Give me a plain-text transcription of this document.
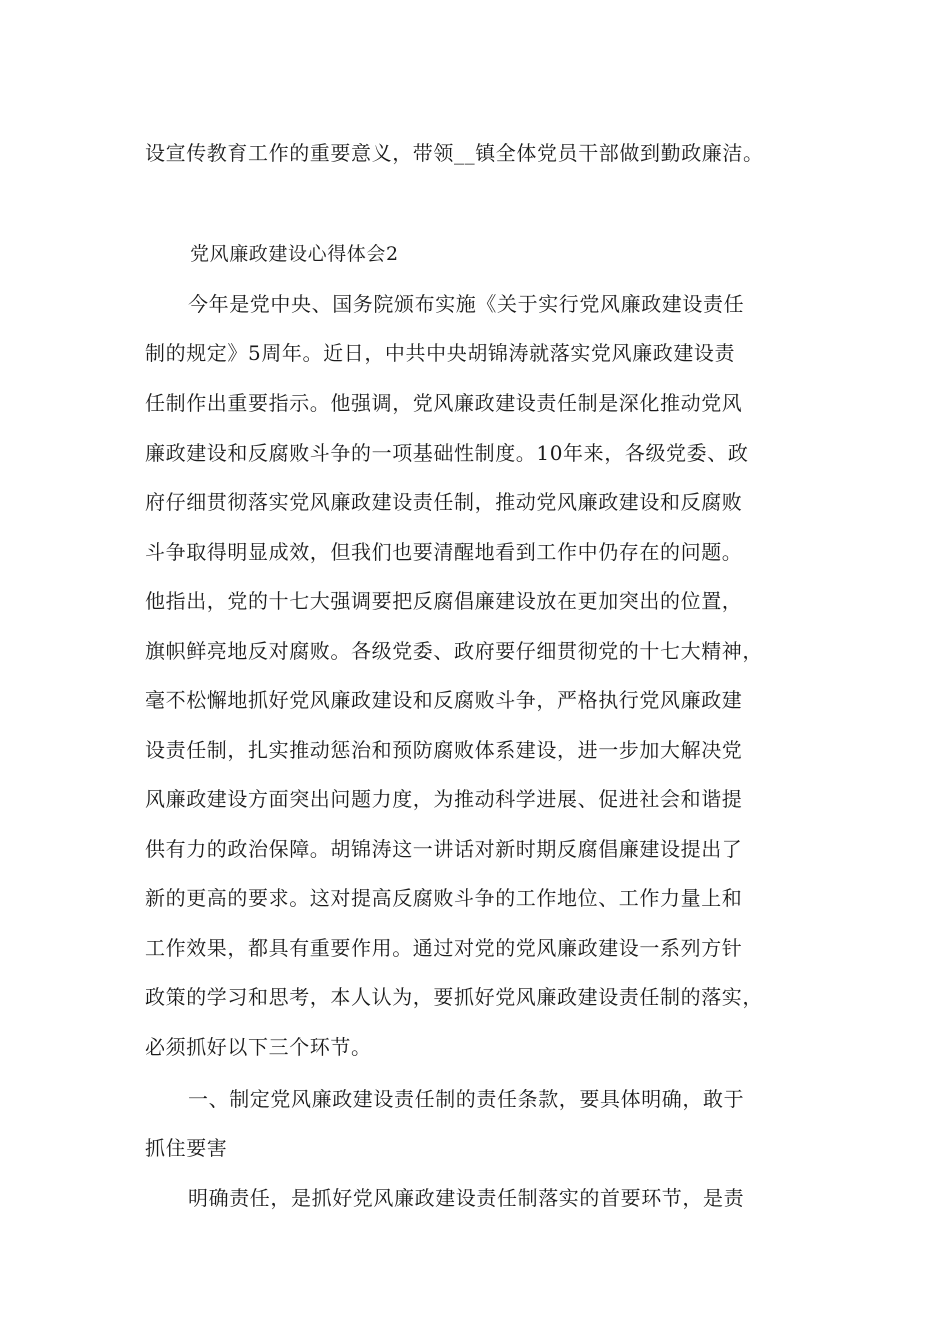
设宣传教育工作的重要意义，带领__镇全体党员干部做到勤政廉洁。
党风廉政建设心得体会2
今年是党中央、国务院颁布实施《关于实行党风廉政建设责任
制的规定》5周年。近日，中共中央胡锦涛就落实党风廉政建设责
任制作出重要指示。他强调，党风廉政建设责任制是深化推动党风
廉政建设和反腐败斗争的一项基础性制度。10年来，各级党委、政
府仔细贯彻落实党风廉政建设责任制，推动党风廉政建设和反腐败
斗争取得明显成效，但我们也要清醒地看到工作中仍存在的问题。
他指出，党的十七大强调要把反腐倡廉建设放在更加突出的位置，
旗帜鲜亮地反对腐败。各级党委、政府要仔细贯彻党的十七大精神，
毫不松懈地抓好党风廉政建设和反腐败斗争，严格执行党风廉政建
设责任制，扎实推动惩治和预防腐败体系建设，进一步加大解决党
风廉政建设方面突出问题力度，为推动科学进展、促进社会和谐提
供有力的政治保障。胡锦涛这一讲话对新时期反腐倡廉建设提出了
新的更高的要求。这对提高反腐败斗争的工作地位、工作力量上和
工作效果，都具有重要作用。通过对党的党风廉政建设一系列方针
政策的学习和思考，本人认为，要抓好党风廉政建设责任制的落实，
必须抓好以下三个环节。
一、制定党风廉政建设责任制的责任条款，要具体明确，敢于
抓住要害
明确责任，是抓好党风廉政建设责任制落实的首要环节，是责
